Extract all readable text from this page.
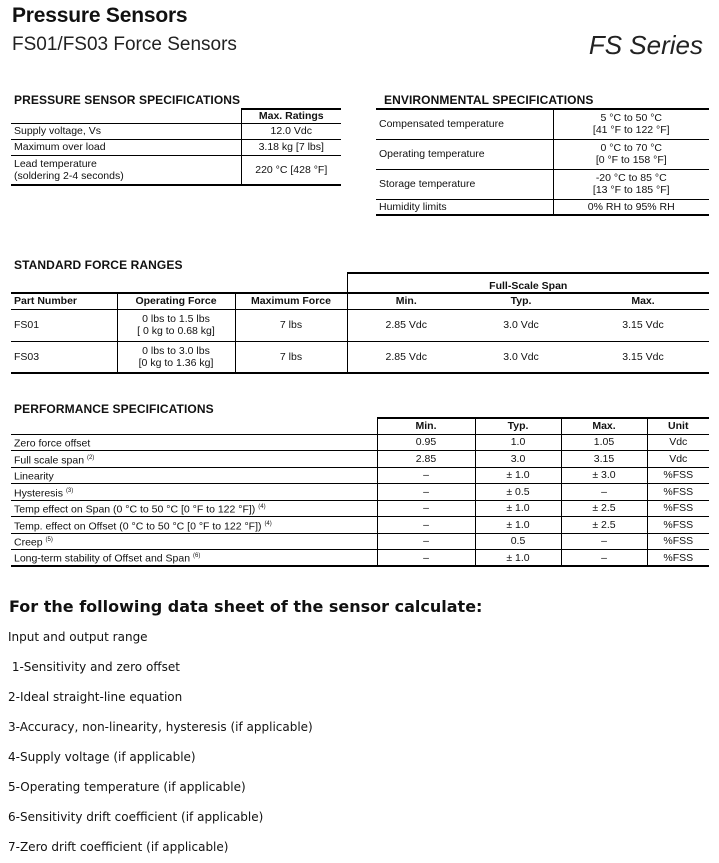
Pressure Sensors
FS01/FS03 Force Sensors	FS Series
PRESSURE SENSOR SPECIFICATIONS
	Max. Ratings
Supply voltage, Vs	12.0 Vdc
Maximum over load	3.18 kg [7 lbs]

Lead temperature
(soldering 2-4 seconds)	220 °C [428 °F]
ENVIRONMENTAL SPECIFICATIONS
Compensated temperature	5 °C to 50 °C
[41 °F to 122 °F]

Operating temperature	0 °C to 70 °C
[0 °F to 158 °F]

Storage temperature	-20 °C to 85 °C
[13 °F to 185 °F]

Humidity limits	0% RH to 95% RH
STANDARD FORCE RANGES
			Full-Scale Span		
Part Number	Operating Force	Maximum Force	Min.	Typ.	Max.
FS01	0 lbs to 1.5 lbs
[ 0 kg to 0.68 kg]	7 lbs	2.85 Vdc	3.0 Vdc	3.15 Vdc
FS03	0 lbs to 3.0 lbs
[0 kg to 1.36 kg]	7 lbs	2.85 Vdc	3.0 Vdc	3.15 Vdc
PERFORMANCE SPECIFICATIONS
	Min.	Typ.	Max.	Unit
Zero force offset	0.95	1.0	1.05	Vdc
Full scale span $^{(2)}$	2.85	3.0	3.15	Vdc
Linearity	–	± 1.0	± 3.0	%FSS
Hysteresis $^{(3)}$	–	± 0.5	–	%FSS
Temp effect on Span (0 °C to 50 °C [0 °F to 122 °F]) $^{(4)}$	–	± 1.0	± 2.5	%FSS
Temp. effect on Offset (0 °C to 50 °C [0 °F to 122 °F]) $^{(4)}$	–	± 1.0	± 2.5	%FSS
Creep $^{(5)}$	–	0.5	–	%FSS
Long-term stability of Offset and Span $^{(6)}$	–	± 1.0	–	%FSS
For the following data sheet of the sensor calculate:
Input and output range
1-Sensitivity and zero offset
2-Ideal straight-line equation
3-Accuracy, non-linearity, hysteresis (if applicable)
4-Supply voltage (if applicable)
5-Operating temperature (if applicable)
6-Sensitivity drift coefficient (if applicable)
7-Zero drift coefficient (if applicable)
